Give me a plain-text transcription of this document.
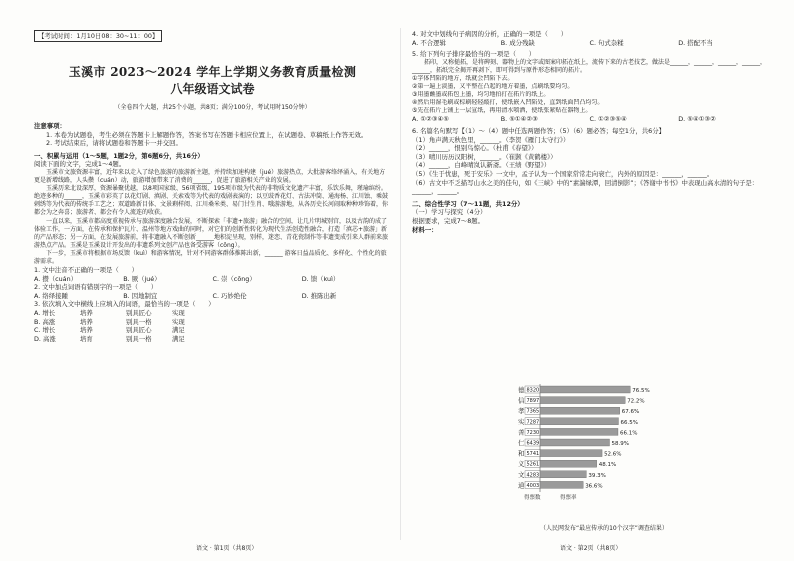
【考试时间：1月10日08：30~11：00】
玉溪市 2023～2024 学年上学期义务教育质量检测
八年级语文试卷
（全卷四个大题，共25个小题，共8页；满分100分，考试用时150分钟）

注意事项：

1. 本卷为试题卷，考生必须在答题卡上解题作答，答案书写在答题卡相应位置上，在试题卷、草稿纸上作答无效。

2. 考试结束后，请将试题卷和答题卡一并交回。

一、积累与运用（1～5题，1题2分，第6题6分，共16分）

阅读下面的文字，完成1～4题。

玉溪市文旅资源丰富，近年来以走入了绿色旅游的旅游新主题，并持续加速构建（jué）旅游热点，大批游客络绎涌入，有关地方更是新增线路，人头攒（cuán）动，旅游增加带来了消费的______，促进了旅游相关产业的发展。

玉溪历来北设深厚，资源暴聚优越，以8项国家级、56项省级、195项市级为代表的非物质文化遗产丰富，乐饮乐舞，瑾瑜缤纷。绝迹多种的______，玉溪市彩英了以花灯剧、滇剧、关索戏等为代表的戏剧表演的；以豆豉香花灯、古法冲筒、通海杨、江川蚀、乘鼓刺绣等为代表的传统手工艺之；双道路新目体、文景剩样阅、江川桑米类、易门甘生肖、哦游游地，从各历史长河闹取种种珍饰着，你都会为之奔喜；旅游者、都会有令人流连的收获。

一直以来，玉溪市都高度重视传承与旅游深度融合发展，不断探索「非遗+旅游」融合的空间，让几片明城别宫，以及古韵的成了体验工作，一方面，在传承和保护瓦片、温州等地方戏曲的同时，对它们的创新性转化为现代生活创造性融合，打造「滇芯+旅游」新的产品形态；另一方面，在发展旅游前，将非遗融入不断创新______地积淀呈现，别样，迷恋、青花瓷制作等非遗变成引来人群前来旅游热点产品。玉溪是玉溪设计开发出的非遗系列文创产品也备受游客（cōng）。

下一步，玉溪市将根据市场反馈（kuì）和游客情况，针对不同游客群体推陈出新，______ 游客日益品质化、多样化、个性化的旅游需求。

1. 文中注音不正确的一项是（　　）

A. 攒（cuán）	B. 厥（jué）	C. 崇（cōng）	D. 馈（kuì）

2. 文中加点词语有错别字的一项是（　　）

A. 络绎接踵	B. 因地制宜	C. 巧妙绝伦	D. 推陈出新

3. 依次填入文中横线上应填入的词语，最恰当的一项是（　　）

A. 增长	培养	别具匠心	实现
B. 高涨	培养	别具一格	实现
C. 增长	培养	别具匠心	满足
D. 高涨	培育	别具一格	满足
语文 · 第1页（共8页）

4. 对文中划线句子病因的分析，正确的一项是（　　）

A. 不合逻辑	B. 成分残缺	C. 句式杂糅	D. 搭配不当

5. 给下列句子排序最恰当的一项是（　　）

拓印，又称搥拓，是将碑刻、器物上的文字或图案印拓在纸上，流传下来的古老技艺，做法是______，______，______，______，______，拓纸完全揭开再剥下，即可得到与原件形态相同的拓片。

①字体凹陷的地方，纸就会凹陷下去。

②第一遍上淡墨，又平整在凸起的地方着墨，点刷纸要均匀。

③用墨蘸墨或拓包上墨，均匀地拍打在拓片的纸上。

④然后用湿毛刷或棕刷轻轻敲打，使纸嵌入凹陷处，直到纸面凹凸均匀。

⑤先在拓片上铺上一层宣纸，再用清水喷洒，使纸张紧贴在器物上。

A. ①②③④⑤	B. ⑤①④②③	C. ①②③⑤④	D. ⑤④①③②

6. 名篇名句默写【（1）～（4）题中任选两题作答；（5）（6）题必答；每空1分，共6分】

（1）角声满天秋色里，______。（李贺《雁门太守行》）

（2）______，恨别鸟惊心。（杜甫《春望》）

（3）晴川历历汉阳树，______。（崔颢《黄鹤楼》）

（4）______，白峰晴岚认新斋。（王绩《野望》）

（5）《生于忧患，死于安乐》一文中，孟子认为一个国家常常走向衰亡，内外的原因是：______，______。

（6）古文中不乏描写山水之美的佳句，如《三峡》中的“素湍绿潭，回清倒影”；《答谢中书书》中表现山高水清的句子是：______，______。

二、综合性学习（7～11题，共12分）

（一）学习与探究（4分）

根据要求，完成7～8题。

材料一：

德 8320	76.5%
信 7897	72.2%
孝 7365	67.6%
实 7287	66.5%
善 7230	66.1%
仁 6439	58.9%
和 5741	52.6%
义 5261	48.1%
文 4283	39.3%
道 4003	36.6%
得票数	得票率
（人民网发布“最应传承的10个汉字”调查结果）
语文 · 第2页（共8页）
